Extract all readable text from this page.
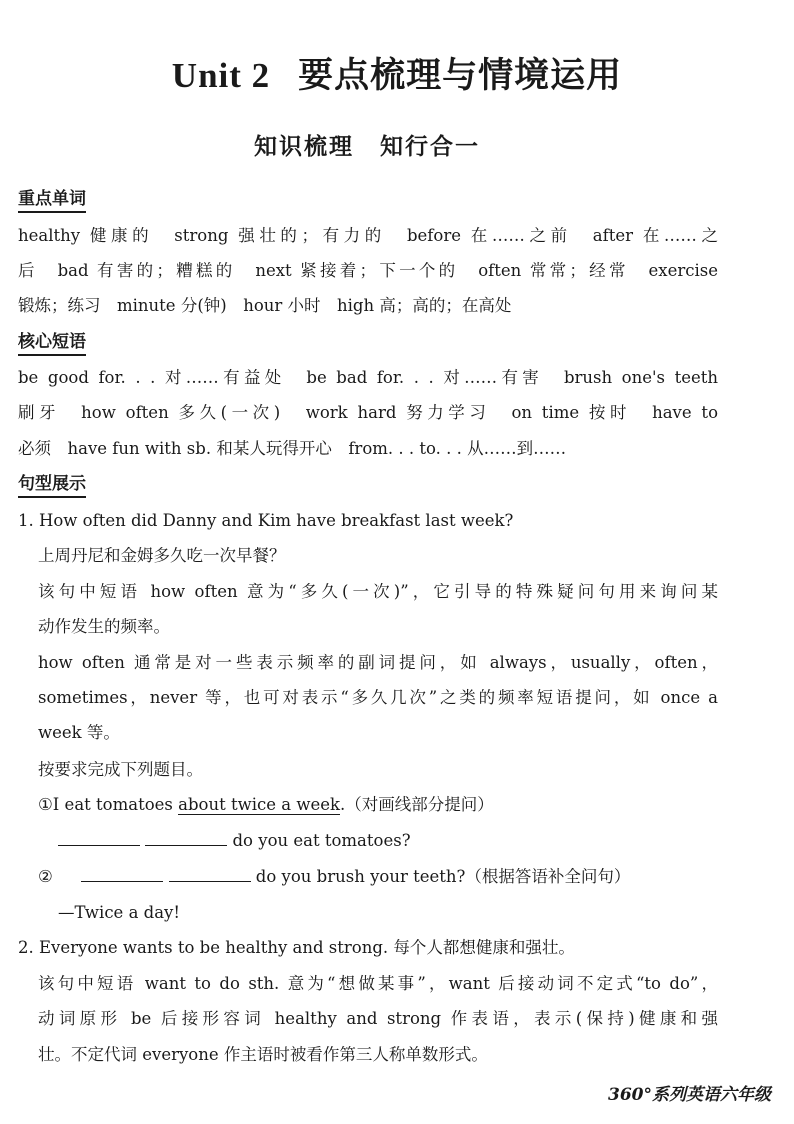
Unit 2 要点梳理与情境运用
知识梳理 知行合一
重点单词
healthy 健康的　strong 强壮的；有力的　before 在……之前　after 在……之
后　bad 有害的；糟糕的　next 紧接着；下一个的　often 常常；经常　exercise
锻炼；练习　minute 分(钟)　hour 小时　high 高；高的；在高处
核心短语
be good for. . . 对……有益处　be bad for. . . 对……有害　brush one's teeth
刷牙　how often 多久(一次)　work hard 努力学习　on time 按时　have to
必须　have fun with sb. 和某人玩得开心　from. . . to. . . 从……到……
句型展示
1. How often did Danny and Kim have breakfast last week?
上周丹尼和金姆多久吃一次早餐？
该句中短语 how often 意为“多久(一次)”，它引导的特殊疑问句用来询问某
动作发生的频率。
how often 通常是对一些表示频率的副词提问，如 always，usually，often，
sometimes，never 等，也可对表示“多久几次”之类的频率短语提问，如 once a
week 等。
按要求完成下列题目。
①I eat tomatoes about twice a week.（对画线部分提问）
do you eat tomatoes?
②	do you brush your teeth?（根据答语补全问句）
—Twice a day!
2. Everyone wants to be healthy and strong. 每个人都想健康和强壮。
该句中短语 want to do sth. 意为“想做某事”，want 后接动词不定式“to do”，
动词原形 be 后接形容词 healthy and strong 作表语，表示(保持)健康和强
壮。不定代词 everyone 作主语时被看作第三人称单数形式。
360°系列英语六年级
